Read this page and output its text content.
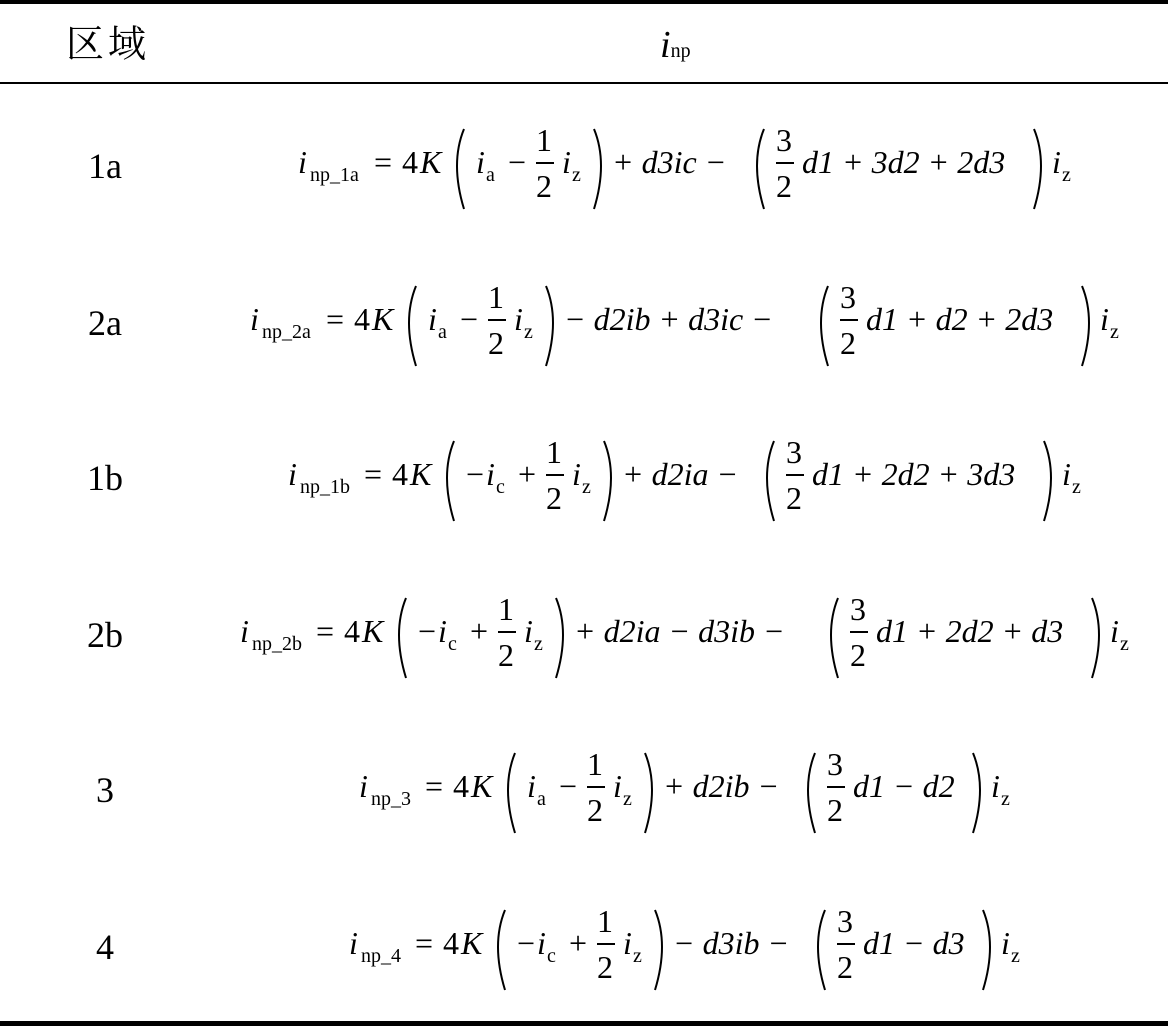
区域	inp
1a	i np_1a = 4 K i a −
1
2
i z + d3ic −
3
2
d1 + 3d2 + 2d3 i z
2a	i np_2a = 4 K i a −
1
2
i z − d2ib + d3ic −
3
2
d1 + d2 + 2d3 i z
1b	i np_1b = 4 K − i c +
1
2
i z + d2ia −
3
2
d1 + 2d2 + 3d3 i z
2b	i np_2b = 4 K − i c +
1
2
i z + d2ia − d3ib −
3
2
d1 + 2d2 + d3 i z
3	i np_3 = 4 K i a −
1
2
i z + d2ib −
3
2
d1 − d2 i z
4	i np_4 = 4 K − i c +
1
2
i z − d3ib −
3
2
d1 − d3 i z
